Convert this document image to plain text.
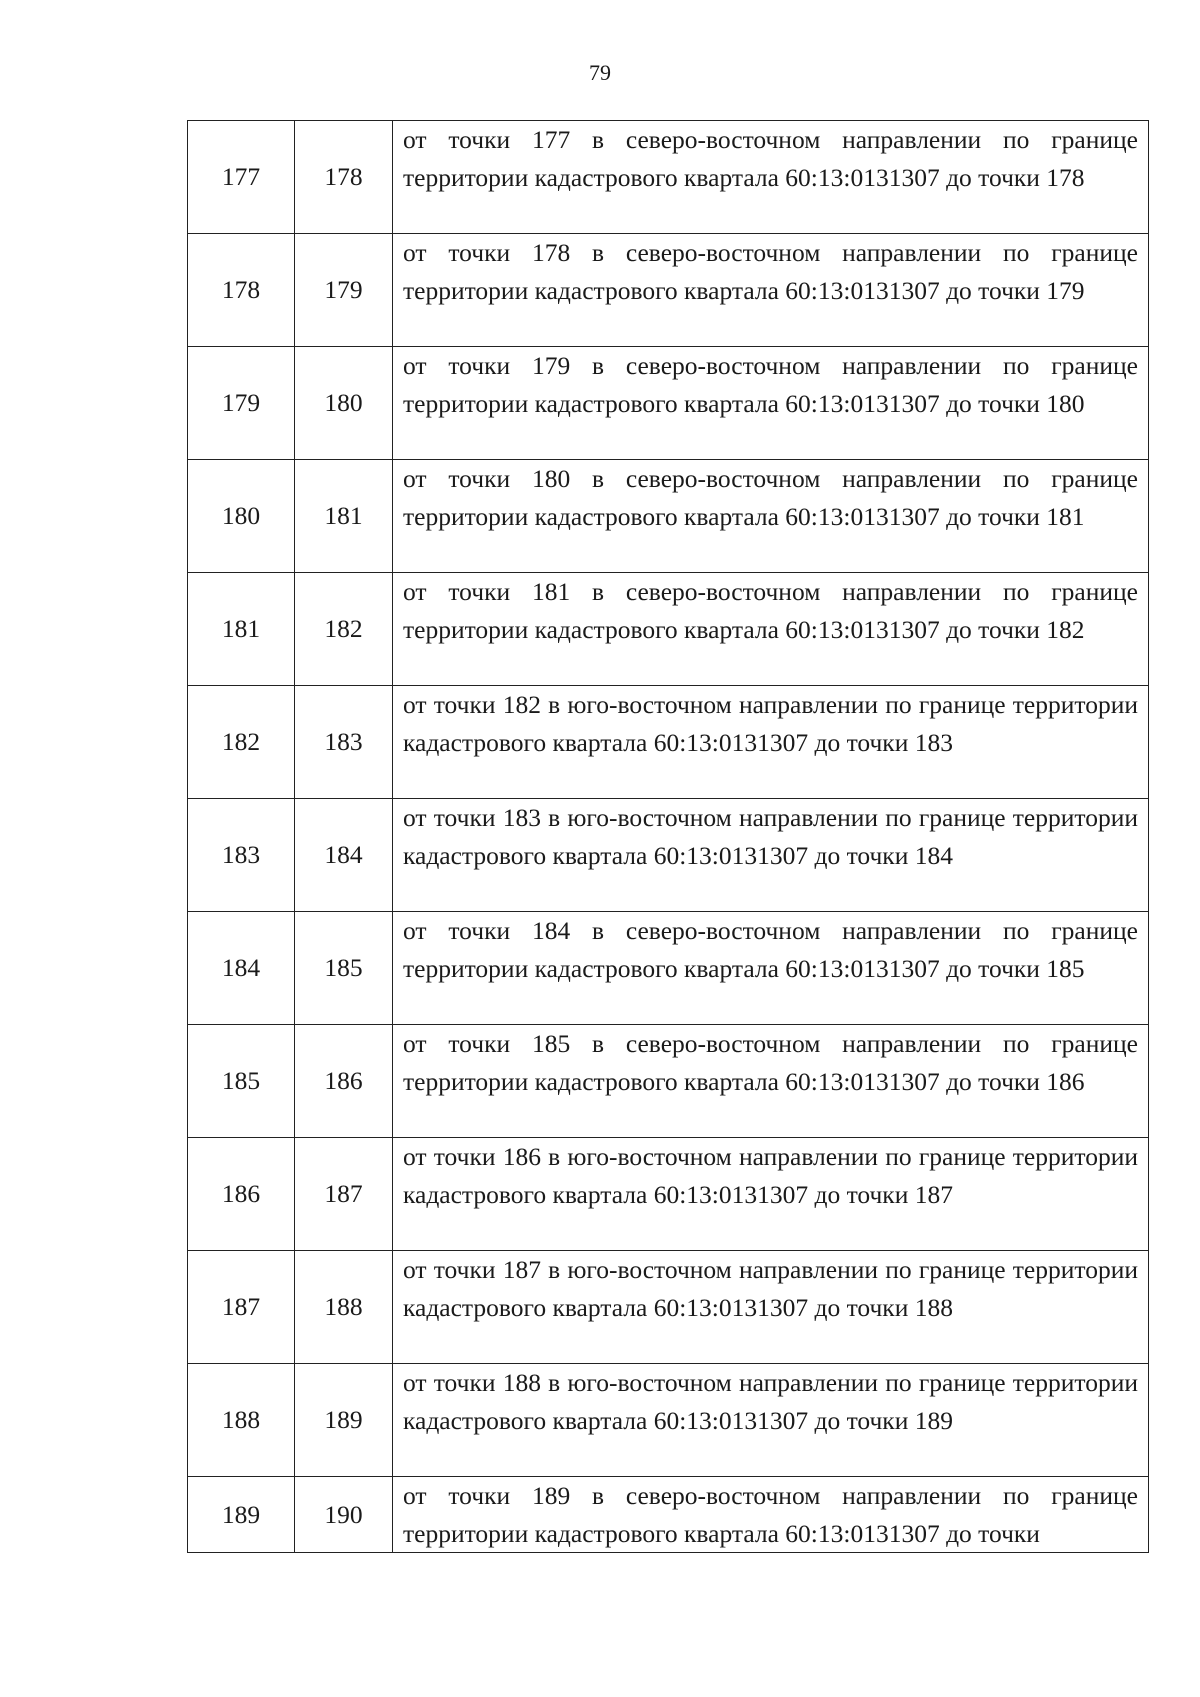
79
177	178	от точки 177 в северо-восточном направлении по границе территории кадастрового квартала 60:13:0131307 до точки 178
178	179	от точки 178 в северо-восточном направлении по границе территории кадастрового квартала 60:13:0131307 до точки 179
179	180	от точки 179 в северо-восточном направлении по границе территории кадастрового квартала 60:13:0131307 до точки 180
180	181	от точки 180 в северо-восточном направлении по границе территории кадастрового квартала 60:13:0131307 до точки 181
181	182	от точки 181 в северо-восточном направлении по границе территории кадастрового квартала 60:13:0131307 до точки 182
182	183	от точки 182 в юго-восточном направлении по границе территории кадастрового квартала 60:13:0131307 до точки 183
183	184	от точки 183 в юго-восточном направлении по границе территории кадастрового квартала 60:13:0131307 до точки 184
184	185	от точки 184 в северо-восточном направлении по границе территории кадастрового квартала 60:13:0131307 до точки 185
185	186	от точки 185 в северо-восточном направлении по границе территории кадастрового квартала 60:13:0131307 до точки 186
186	187	от точки 186 в юго-восточном направлении по границе территории кадастрового квартала 60:13:0131307 до точки 187
187	188	от точки 187 в юго-восточном направлении по границе территории кадастрового квартала 60:13:0131307 до точки 188
188	189	от точки 188 в юго-восточном направлении по границе территории кадастрового квартала 60:13:0131307 до точки 189
189	190	от точки 189 в северо-восточном направлении по границе территории кадастрового квартала 60:13:0131307 до точки
